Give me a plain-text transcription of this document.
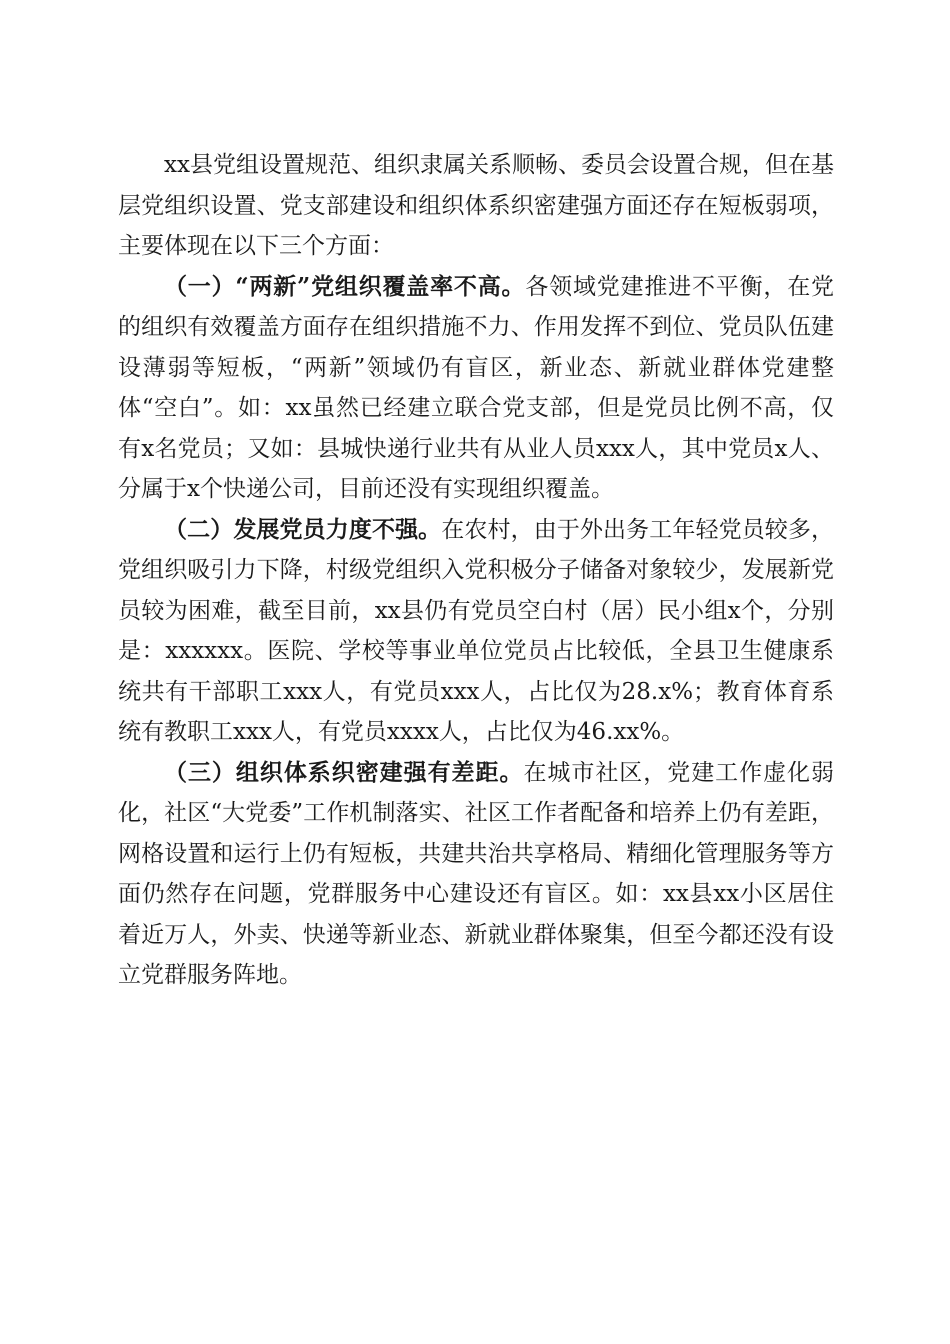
xx县党组设置规范、组织隶属关系顺畅、委员会设置合规，但在基层党组织设置、党支部建设和组织体系织密建强方面还存在短板弱项，主要体现在以下三个方面：

（一）“两新”党组织覆盖率不高。各领域党建推进不平衡，在党的组织有效覆盖方面存在组织措施不力、作用发挥不到位、党员队伍建设薄弱等短板，“两新”领域仍有盲区，新业态、新就业群体党建整体“空白”。如：xx虽然已经建立联合党支部，但是党员比例不高，仅有x名党员；又如：县城快递行业共有从业人员xxx人，其中党员x人、分属于x个快递公司，目前还没有实现组织覆盖。

（二）发展党员力度不强。在农村，由于外出务工年轻党员较多，党组织吸引力下降，村级党组织入党积极分子储备对象较少，发展新党员较为困难，截至目前，xx县仍有党员空白村（居）民小组x个，分别是：xxxxxx。医院、学校等事业单位党员占比较低，全县卫生健康系统共有干部职工xxx人，有党员xxx人，占比仅为28.x%；教育体育系统有教职工xxx人，有党员xxxx人，占比仅为46.xx%。

（三）组织体系织密建强有差距。在城市社区，党建工作虚化弱化，社区“大党委”工作机制落实、社区工作者配备和培养上仍有差距，网格设置和运行上仍有短板，共建共治共享格局、精细化管理服务等方面仍然存在问题，党群服务中心建设还有盲区。如：xx县xx小区居住着近万人，外卖、快递等新业态、新就业群体聚集，但至今都还没有设立党群服务阵地。
